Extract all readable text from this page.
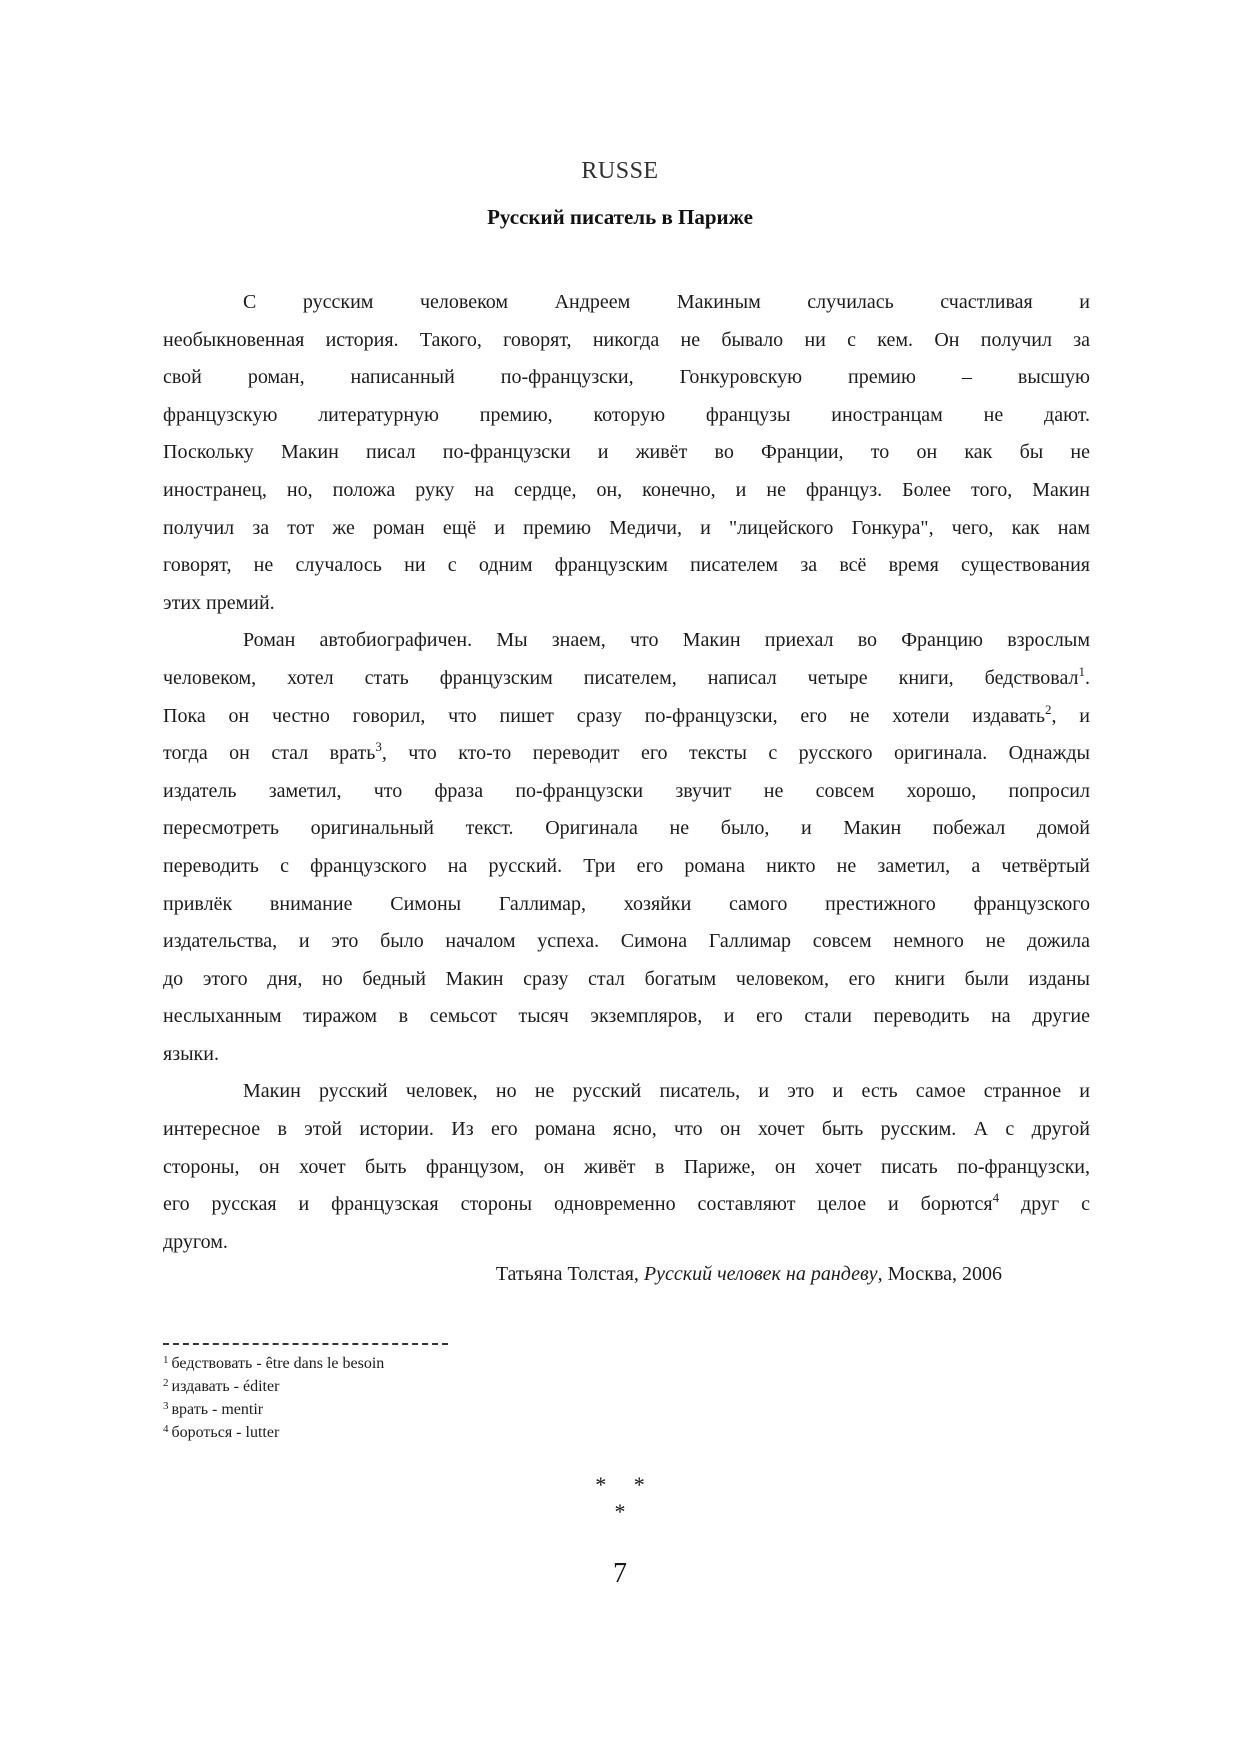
RUSSE
Русский писатель в Париже
С русским человеком Андреем Макиным случилась счастливая и
необыкновенная история. Такого, говорят, никогда не бывало ни с кем. Он получил за
свой роман, написанный по-французски, Гонкуровскую премию – высшую
французскую литературную премию, которую французы иностранцам не дают.
Поскольку Макин писал по-французски и живёт во Франции, то он как бы не
иностранец, но, положа руку на сердце, он, конечно, и не француз. Более того, Макин
получил за тот же роман ещё и премию Медичи, и "лицейского Гонкура", чего, как нам
говорят, не случалось ни с одним французским писателем за всё время существования
этих премий.
Роман автобиографичен. Мы знаем, что Макин приехал во Францию взрослым
человеком, хотел стать французским писателем, написал четыре книги, бедствовал$^1$.
Пока он честно говорил, что пишет сразу по-французски, его не хотели издавать$^2$, и
тогда он стал врать$^3$, что кто-то переводит его тексты с русского оригинала. Однажды
издатель заметил, что фраза по-французски звучит не совсем хорошо, попросил
пересмотреть оригинальный текст. Оригинала не было, и Макин побежал домой
переводить с французского на русский. Три его романа никто не заметил, а четвёртый
привлёк внимание Симоны Галлимар, хозяйки самого престижного французского
издательства, и это было началом успеха. Симона Галлимар совсем немного не дожила
до этого дня, но бедный Макин сразу стал богатым человеком, его книги были изданы
неслыханным тиражом в семьсот тысяч экземпляров, и его стали переводить на другие
языки.
Макин русский человек, но не русский писатель, и это и есть самое странное и
интересное в этой истории. Из его романа ясно, что он хочет быть русским. А с другой
стороны, он хочет быть французом, он живёт в Париже, он хочет писать по-французски,
его русская и французская стороны одновременно составляют целое и борются$^4$ друг с
другом.
Татьяна Толстая, Русский человек на рандеву, Москва, 2006
$^1$ бедствовать - être dans le besoin
$^2$ издавать - éditer
$^3$ врать - mentir
$^4$ бороться - lutter
*     *
*
7
